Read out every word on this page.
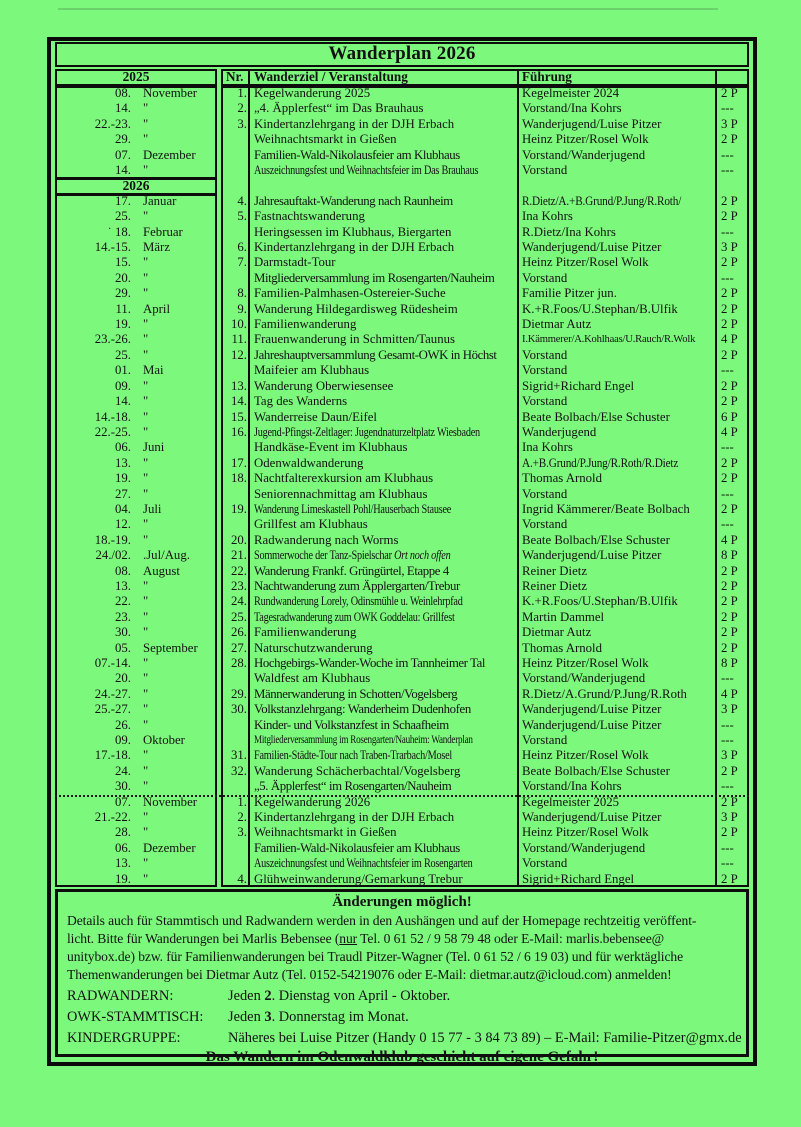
Wanderplan 2026
2025	Nr. Wanderziel / Veranstaltung	Führung
08. November	1. Kegelwanderung 2025	Kegelmeister 2024	2 P
14. "	2. „4. Äpplerfest“ im Das Brauhaus	Vorstand/Ina Kohrs	---
22.-23. "	3. Kindertanzlehrgang in der DJH Erbach	Wanderjugend/Luise Pitzer	3 P
29. "	Weihnachtsmarkt in Gießen	Heinz Pitzer/Rosel Wolk	2 P
07. Dezember	Familien-Wald-Nikolausfeier am Klubhaus	Vorstand/Wanderjugend	---
14. "	Auszeichnungsfest und Weihnachtsfeier im Das Brauhaus	Vorstand	---
2026
17. Januar	4. Jahresauftakt-Wanderung nach Raunheim	R.Dietz/A.+B.Grund/P.Jung/R.Roth/	2 P
25. "	5. Fastnachtswanderung	Ina Kohrs	2 P
˙ 18. Februar	Heringsessen im Klubhaus, Biergarten	R.Dietz/Ina Kohrs	---
14.-15. März	6. Kindertanzlehrgang in der DJH Erbach	Wanderjugend/Luise Pitzer	3 P
15. "	7. Darmstadt-Tour	Heinz Pitzer/Rosel Wolk	2 P
20. "	Mitgliederversammlung im Rosengarten/Nauheim	Vorstand	---
29. "	8. Familien-Palmhasen-Ostereier-Suche	Familie Pitzer jun.	2 P
11. April	9. Wanderung Hildegardisweg Rüdesheim	K.+R.Foos/U.Stephan/B.Ulfik	2 P
19. "	10. Familienwanderung	Dietmar Autz	2 P
23.-26. "	11. Frauenwanderung in Schmitten/Taunus	I.Kämmerer/A.Kohlhaas/U.Rauch/R.Wolk	4 P
25. "	12. Jahreshauptversammlung Gesamt-OWK in Höchst	Vorstand	2 P
01. Mai	Maifeier am Klubhaus	Vorstand	---
09. "	13. Wanderung Oberwiesensee	Sigrid+Richard Engel	2 P
14. "	14. Tag des Wanderns	Vorstand	2 P
14.-18. "	15. Wanderreise Daun/Eifel	Beate Bolbach/Else Schuster	6 P
22.-25. "	16. Jugend-Pfingst-Zeltlager: Jugendnaturzeltplatz Wiesbaden	Wanderjugend	4 P
06. Juni	Handkäse-Event im Klubhaus	Ina Kohrs	---
13. "	17. Odenwaldwanderung	A.+B.Grund/P.Jung/R.Roth/R.Dietz	2 P
19. "	18. Nachtfalterexkursion am Klubhaus	Thomas Arnold	2 P
27. "	Seniorennachmittag am Klubhaus	Vorstand	---
04. Juli	19. Wanderung Limeskastell Pohl/Hauserbach Stausee	Ingrid Kämmerer/Beate Bolbach	2 P
12. "	Grillfest am Klubhaus	Vorstand	---
18.-19. "	20. Radwanderung nach Worms	Beate Bolbach/Else Schuster	4 P
24./02. .Jul/Aug.	21. Sommerwoche der Tanz-Spielschar Ort noch offen	Wanderjugend/Luise Pitzer	8 P
08. August	22. Wanderung Frankf. Grüngürtel, Etappe 4	Reiner Dietz	2 P
13. "	23. Nachtwanderung zum Äpplergarten/Trebur	Reiner Dietz	2 P
22. "	24. Rundwanderung Lorely, Odinsmühle u. Weinlehrpfad	K.+R.Foos/U.Stephan/B.Ulfik	2 P
23. "	25. Tagesradwanderung zum OWK Goddelau: Grillfest	Martin Dammel	2 P
30. "	26. Familienwanderung	Dietmar Autz	2 P
05. September	27. Naturschutzwanderung	Thomas Arnold	2 P
07.-14. "	28. Hochgebirgs-Wander-Woche im Tannheimer Tal	Heinz Pitzer/Rosel Wolk	8 P
20. "	Waldfest am Klubhaus	Vorstand/Wanderjugend	---
24.-27. "	29. Männerwanderung in Schotten/Vogelsberg	R.Dietz/A.Grund/P.Jung/R.Roth	4 P
25.-27. "	30. Volkstanzlehrgang: Wanderheim Dudenhofen	Wanderjugend/Luise Pitzer	3 P
26. "	Kinder- und Volkstanzfest in Schaafheim	Wanderjugend/Luise Pitzer	---
09. Oktober	Mitgliederversammlung im Rosengarten/Nauheim: Wanderplan	Vorstand	---
17.-18. "	31. Familien-Städte-Tour nach Traben-Trarbach/Mosel	Heinz Pitzer/Rosel Wolk	3 P
24. "	32. Wanderung Schächerbachtal/Vogelsberg	Beate Bolbach/Else Schuster	2 P
30. "	„5. Äpplerfest“ im Rosengarten/Nauheim	Vorstand/Ina Kohrs	---
07. November	1. Kegelwanderung 2026	Kegelmeister 2025	2 P
21.-22. "	2. Kindertanzlehrgang in der DJH Erbach	Wanderjugend/Luise Pitzer	3 P
28. "	3. Weihnachtsmarkt in Gießen	Heinz Pitzer/Rosel Wolk	2 P
06. Dezember	Familien-Wald-Nikolausfeier am Klubhaus	Vorstand/Wanderjugend	---
13. "	Auszeichnungsfest und Weihnachtsfeier im Rosengarten	Vorstand	---
19. "	4. Glühweinwanderung/Gemarkung Trebur	Sigrid+Richard Engel	2 P
Änderungen möglich!
Details auch für Stammtisch und Radwandern werden in den Aushängen und auf der Homepage rechtzeitig veröffent-
licht. Bitte für Wanderungen bei Marlis Bebensee (nur Tel. 0 61 52 / 9 58 79 48 oder E-Mail: marlis.bebensee@
unitybox.de) bzw. für Familienwanderungen bei Traudl Pitzer-Wagner (Tel. 0 61 52 / 6 19 03) und für werktägliche
Themenwanderungen bei Dietmar Autz (Tel. 0152-54219076 oder E-Mail: dietmar.autz@icloud.com) anmelden!
RADWANDERN:	Jeden 2. Dienstag von April - Oktober.
OWK-STAMMTISCH: Jeden 3. Donnerstag im Monat.
KINDERGRUPPE:	Näheres bei Luise Pitzer (Handy 0 15 77 - 3 84 73 89) – E-Mail: Familie-Pitzer@gmx.de
Das Wandern im Odenwaldklub geschieht auf eigene Gefahr!
